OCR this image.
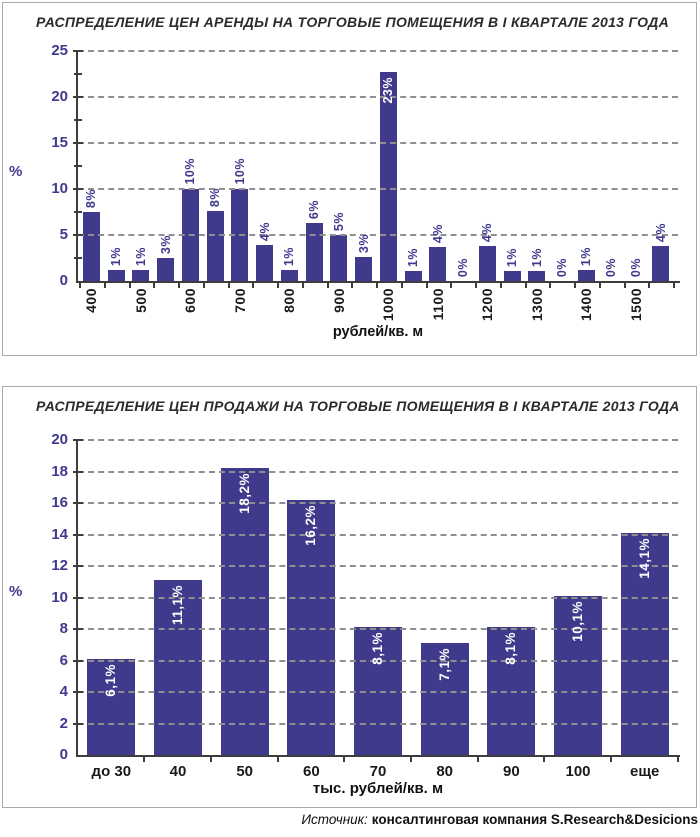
РАСПРЕДЕЛЕНИЕ ЦЕН АРЕНДЫ НА ТОРГОВЫЕ ПОМЕЩЕНИЯ В I КВАРТАЛЕ 2013 ГОДА
%
8%
1% 1%
3%
10%
8%
10%
4%
1%
6%
5%
3%
23%
1%
4%
0%
4%
1% 1%
0%
1%
0% 0%
4%
0
5
10
15
20
25
400 500 600 700 800 900 1000 1100 1200 1300 1400 1500
рублей/кв. м
РАСПРЕДЕЛЕНИЕ ЦЕН ПРОДАЖИ НА ТОРГОВЫЕ ПОМЕЩЕНИЯ В I КВАРТАЛЕ 2013 ГОДА
%
6,1%
11,1%
18,2%
16,2%
8,1%	7,1%	8,1%
10,1%
14,1%
0
2
4
6
8
10
12
14
16
18
20
до 30	40	50	60	70	80	90	100	еще
тыс. рублей/кв. м
Источник: консалтинговая компания S.Research&Desicions
